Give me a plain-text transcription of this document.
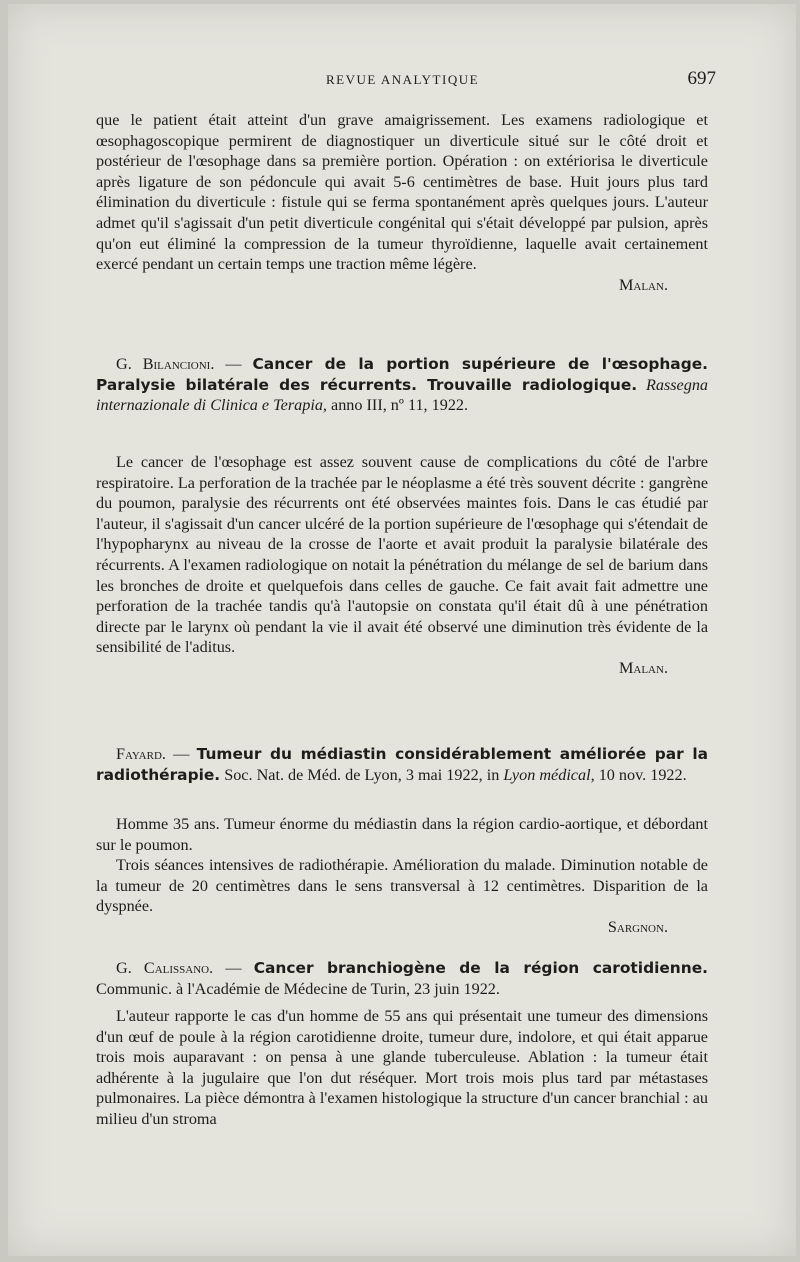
REVUE ANALYTIQUE	697

que le patient était atteint d'un grave amaigrissement. Les examens radiologique et œsophagoscopique permirent de diagnostiquer un diverticule situé sur le côté droit et postérieur de l'œsophage dans sa première portion. Opération : on extériorisa le diverticule après ligature de son pédoncule qui avait 5-6 centimètres de base. Huit jours plus tard élimination du diverticule : fistule qui se ferma spontanément après quelques jours. L'auteur admet qu'il s'agissait d'un petit diverticule congénital qui s'était développé par pulsion, après qu'on eut éliminé la compression de la tumeur thyroïdienne, laquelle avait certainement exercé pendant un certain temps une traction même légère.

Malan.

G. Bilancioni. — Cancer de la portion supérieure de l'œsophage. Paralysie bilatérale des récurrents. Trouvaille radiologique. Rassegna internazionale di Clinica e Terapia, anno III, nº 11, 1922.

Le cancer de l'œsophage est assez souvent cause de complications du côté de l'arbre respiratoire. La perforation de la trachée par le néoplasme a été très souvent décrite : gangrène du poumon, paralysie des récurrents ont été observées maintes fois. Dans le cas étudié par l'auteur, il s'agissait d'un cancer ulcéré de la portion supérieure de l'œsophage qui s'étendait de l'hypopharynx au niveau de la crosse de l'aorte et avait produit la paralysie bilatérale des récurrents. A l'examen radiologique on notait la pénétration du mélange de sel de barium dans les bronches de droite et quelquefois dans celles de gauche. Ce fait avait fait admettre une perforation de la trachée tandis qu'à l'autopsie on constata qu'il était dû à une pénétration directe par le larynx où pendant la vie il avait été observé une diminution très évidente de la sensibilité de l'aditus.

Malan.

Fayard. — Tumeur du médiastin considérablement améliorée par la radiothérapie. Soc. Nat. de Méd. de Lyon, 3 mai 1922, in Lyon médical, 10 nov. 1922.

Homme 35 ans. Tumeur énorme du médiastin dans la région cardio-aortique, et débordant sur le poumon.

Trois séances intensives de radiothérapie. Amélioration du malade. Diminution notable de la tumeur de 20 centimètres dans le sens transversal à 12 centimètres. Disparition de la dyspnée.

Sargnon.

G. Calissano. — Cancer branchiogène de la région carotidienne. Communic. à l'Académie de Médecine de Turin, 23 juin 1922.

L'auteur rapporte le cas d'un homme de 55 ans qui présentait une tumeur des dimensions d'un œuf de poule à la région carotidienne droite, tumeur dure, indolore, et qui était apparue trois mois auparavant : on pensa à une glande tuberculeuse. Ablation : la tumeur était adhérente à la jugulaire que l'on dut réséquer. Mort trois mois plus tard par métastases pulmonaires. La pièce démontra à l'examen histologique la structure d'un cancer branchial : au milieu d'un stroma
